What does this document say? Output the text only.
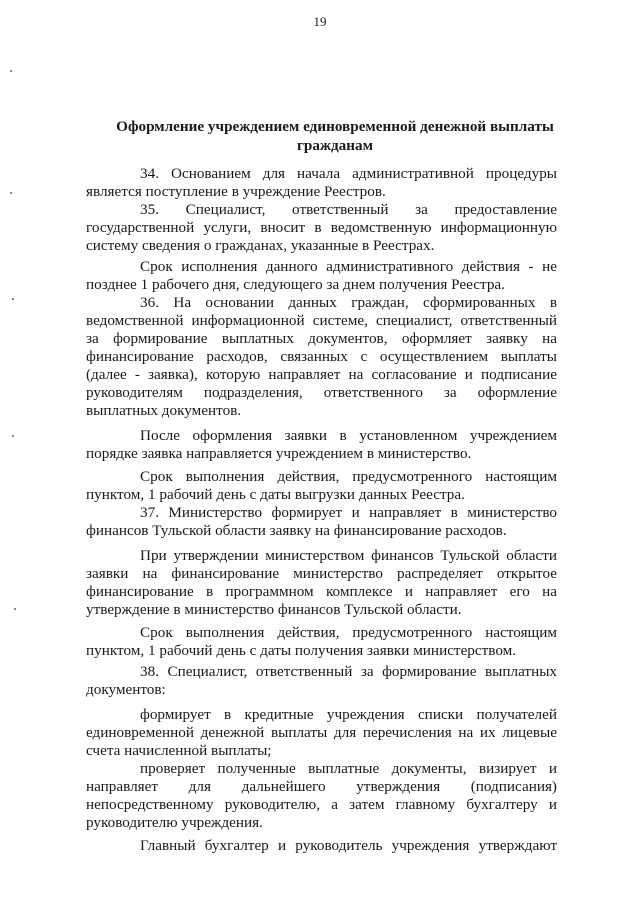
19
Оформление учреждением единовременной денежной выплаты
гражданам
34. Основанием для начала административной процедуры
является поступление в учреждение Реестров.
35. Специалист, ответственный за предоставление
государственной услуги, вносит в ведомственную информационную
систему сведения о гражданах, указанные в Реестрах.
Срок исполнения данного административного действия - не
позднее 1 рабочего дня, следующего за днем получения Реестра.
36. На основании данных граждан, сформированных в
ведомственной информационной системе, специалист, ответственный
за формирование выплатных документов, оформляет заявку на
финансирование расходов, связанных с осуществлением выплаты
(далее - заявка), которую направляет на согласование и подписание
руководителям подразделения, ответственного за оформление
выплатных документов.
После оформления заявки в установленном учреждением
порядке заявка направляется учреждением в министерство.
Срок выполнения действия, предусмотренного настоящим
пунктом, 1 рабочий день с даты выгрузки данных Реестра.
37. Министерство формирует и направляет в министерство
финансов Тульской области заявку на финансирование расходов.
При утверждении министерством финансов Тульской области
заявки на финансирование министерство распределяет открытое
финансирование в программном комплексе и направляет его на
утверждение в министерство финансов Тульской области.
Срок выполнения действия, предусмотренного настоящим
пунктом, 1 рабочий день с даты получения заявки министерством.
38. Специалист, ответственный за формирование выплатных
документов:
формирует в кредитные учреждения списки получателей
единовременной денежной выплаты для перечисления на их лицевые
счета начисленной выплаты;
проверяет полученные выплатные документы, визирует и
направляет для дальнейшего утверждения (подписания)
непосредственному руководителю, а затем главному бухгалтеру и
руководителю учреждения.
Главный бухгалтер и руководитель учреждения утверждают
